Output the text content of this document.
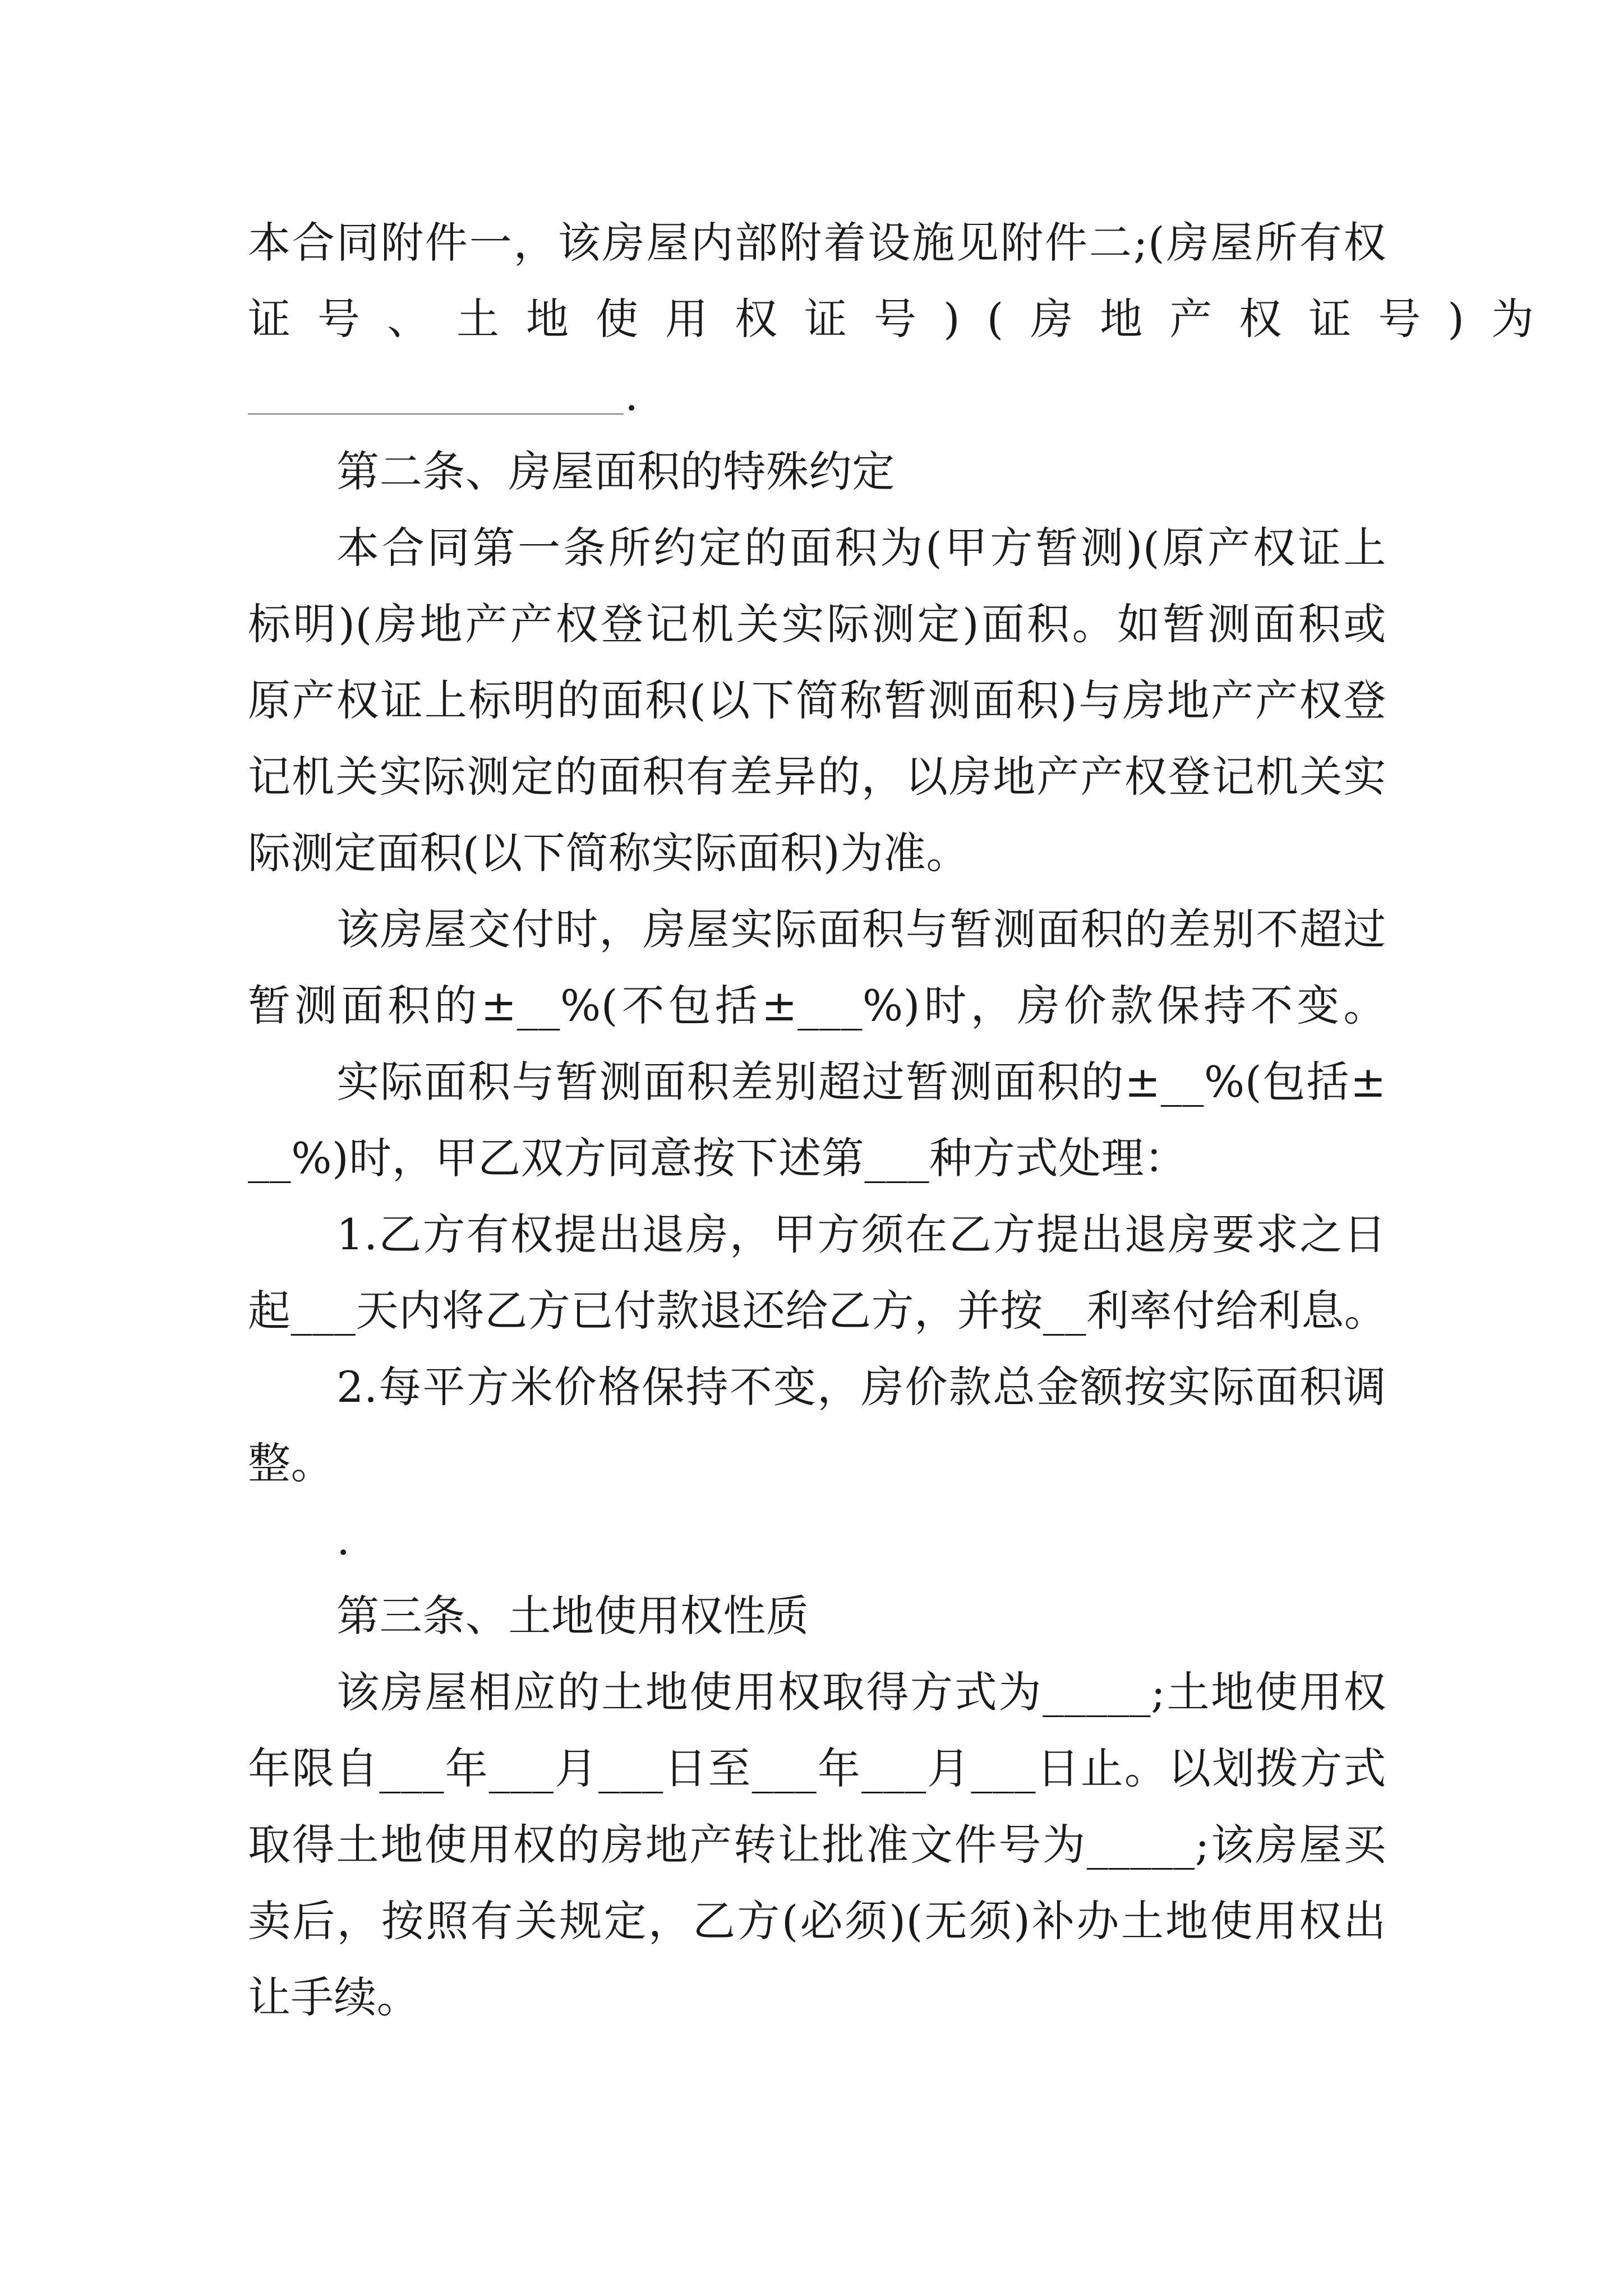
本合同附件一，该房屋内部附着设施见附件二;(房屋所有权
证号、土地使用权证号)(房地产权证号)为
.
第二条、房屋面积的特殊约定
本合同第一条所约定的面积为(甲方暂测)(原产权证上
标明)(房地产产权登记机关实际测定)面积。如暂测面积或
原产权证上标明的面积(以下简称暂测面积)与房地产产权登
记机关实际测定的面积有差异的，以房地产产权登记机关实
际测定面积(以下简称实际面积)为准。
该房屋交付时，房屋实际面积与暂测面积的差别不超过
暂测面积的±__%(不包括±___%)时，房价款保持不变。
实际面积与暂测面积差别超过暂测面积的±__%(包括±
__%)时，甲乙双方同意按下述第___种方式处理：
1.乙方有权提出退房，甲方须在乙方提出退房要求之日
起___天内将乙方已付款退还给乙方，并按__利率付给利息。
2.每平方米价格保持不变，房价款总金额按实际面积调
整。
.
第三条、土地使用权性质
该房屋相应的土地使用权取得方式为_____;土地使用权
年限自___年___月___日至___年___月___日止。以划拨方式
取得土地使用权的房地产转让批准文件号为_____;该房屋买
卖后，按照有关规定，乙方(必须)(无须)补办土地使用权出
让手续。
